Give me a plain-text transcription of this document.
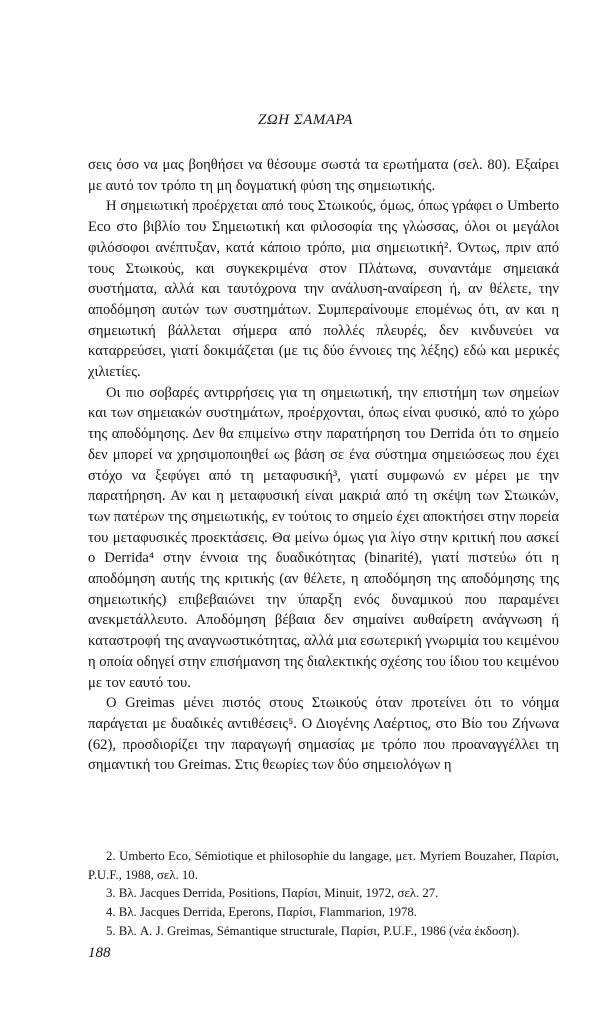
ΖΩΗ ΣΑΜΑΡΑ

σεις όσο να μας βοηθήσει να θέσουμε σωστά τα ερωτήματα (σελ. 80). Εξαίρει με αυτό τον τρόπο τη μη δογματική φύση της σημειωτικής.

Η σημειωτική προέρχεται από τους Στωικούς, όμως, όπως γράφει ο Umberto Eco στο βιβλίο του Σημειωτική και φιλοσοφία της γλώσσας, όλοι οι μεγάλοι φιλόσοφοι ανέπτυξαν, κατά κάποιο τρόπο, μια σημειωτική². Όντως, πριν από τους Στωικούς, και συγκεκριμένα στον Πλάτωνα, συναντάμε σημειακά συστήματα, αλλά και ταυτόχρονα την ανάλυση-αναίρεση ή, αν θέλετε, την αποδόμηση αυτών των συστημάτων. Συμπεραίνουμε επομένως ότι, αν και η σημειωτική βάλλεται σήμερα από πολλές πλευρές, δεν κινδυνεύει να καταρρεύσει, γιατί δοκιμάζεται (με τις δύο έννοιες της λέξης) εδώ και μερικές χιλιετίες.

Οι πιο σοβαρές αντιρρήσεις για τη σημειωτική, την επιστήμη των σημείων και των σημειακών συστημάτων, προέρχονται, όπως είναι φυσικό, από το χώρο της αποδόμησης. Δεν θα επιμείνω στην παρατήρηση του Derrida ότι το σημείο δεν μπορεί να χρησιμοποιηθεί ως βάση σε ένα σύστημα σημειώσεως που έχει στόχο να ξεφύγει από τη μεταφυσική³, γιατί συμφωνώ εν μέρει με την παρατήρηση. Αν και η μεταφυσική είναι μακριά από τη σκέψη των Στωικών, των πατέρων της σημειωτικής, εν τούτοις το σημείο έχει αποκτήσει στην πορεία του μεταφυσικές προεκτάσεις. Θα μείνω όμως για λίγο στην κριτική που ασκεί ο Derrida⁴ στην έννοια της δυαδικότητας (binarité), γιατί πιστεύω ότι η αποδόμηση αυτής της κριτικής (αν θέλετε, η αποδόμηση της αποδόμησης της σημειωτικής) επιβεβαιώνει την ύπαρξη ενός δυναμικού που παραμένει ανεκμετάλλευτο. Αποδόμηση βέβαια δεν σημαίνει αυθαίρετη ανάγνωση ή καταστροφή της αναγνωστικότητας, αλλά μια εσωτερική γνωριμία του κειμένου η οποία οδηγεί στην επισήμανση της διαλεκτικής σχέσης του ίδιου του κειμένου με τον εαυτό του.

Ο Greimas μένει πιστός στους Στωικούς όταν προτείνει ότι το νόημα παράγεται με δυαδικές αντιθέσεις⁵. Ο Διογένης Λαέρτιος, στο Βίο του Ζήνωνα (62), προσδιορίζει την παραγωγή σημασίας με τρόπο που προαναγγέλλει τη σημαντική του Greimas. Στις θεωρίες των δύο σημειολόγων η

2. Umberto Eco, Sémiotique et philosophie du langage, μετ. Myriem Bouzaher, Παρίσι, P.U.F., 1988, σελ. 10.

3. Βλ. Jacques Derrida, Positions, Παρίσι, Minuit, 1972, σελ. 27.

4. Βλ. Jacques Derrida, Eperons, Παρίσι, Flammarion, 1978.

5. Βλ. A. J. Greimas, Sémantique structurale, Παρίσι, P.U.F., 1986 (νέα έκδοση).

188
